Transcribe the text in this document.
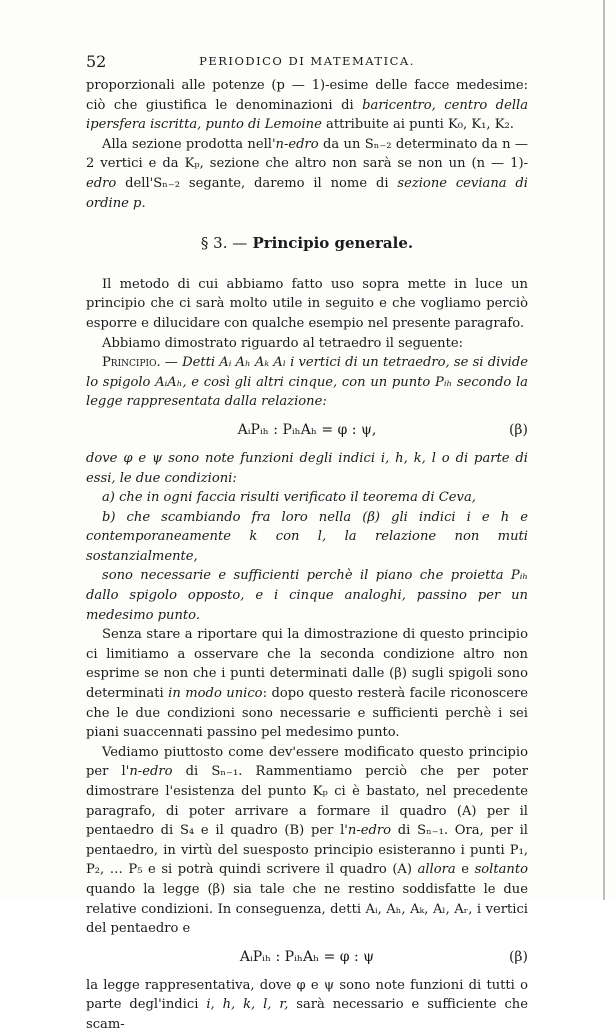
52	PERIODICO DI MATEMATICA.

proporzionali alle potenze (p — 1)-esime delle facce medesime: ciò che giustifica le denominazioni di baricentro, centro della ipersfera iscritta, punto di Lemoine attribuite ai punti K₀, K₁, K₂.

Alla sezione prodotta nell'n-edro da un Sₙ₋₂ determinato da n — 2 vertici e da Kₚ, sezione che altro non sarà se non un (n — 1)-edro dell'Sₙ₋₂ segante, daremo il nome di sezione ceviana di ordine p.

§ 3. — Principio generale.

Il metodo di cui abbiamo fatto uso sopra mette in luce un principio che ci sarà molto utile in seguito e che vogliamo perciò esporre e dilucidare con qualche esempio nel presente paragrafo.

Abbiamo dimostrato riguardo al tetraedro il seguente:

Principio. — Detti Aᵢ Aₕ Aₖ Aₗ i vertici di un tetraedro, se si divide lo spigolo AᵢAₕ, e così gli altri cinque, con un punto Pᵢₕ secondo la legge rappresentata dalla relazione:

AᵢPᵢₕ : PᵢₕAₕ = φ : ψ,	(β)

dove φ e ψ sono note funzioni degli indici i, h, k, l o di parte di essi, le due condizioni:

a) che in ogni faccia risulti verificato il teorema di Ceva,

b) che scambiando fra loro nella (β) gli indici i e h e contemporaneamente k con l, la relazione non muti sostanzialmente,

sono necessarie e sufficienti perchè il piano che proietta Pᵢₕ dallo spigolo opposto, e i cinque analoghi, passino per un medesimo punto.

Senza stare a riportare qui la dimostrazione di questo principio ci limitiamo a osservare che la seconda condizione altro non esprime se non che i punti determinati dalle (β) sugli spigoli sono determinati in modo unico: dopo questo resterà facile riconoscere che le due condizioni sono necessarie e sufficienti perchè i sei piani suaccennati passino pel medesimo punto.

Vediamo piuttosto come dev'essere modificato questo principio per l'n-edro di Sₙ₋₁. Rammentiamo perciò che per poter dimostrare l'esistenza del punto Kₚ ci è bastato, nel precedente paragrafo, di poter arrivare a formare il quadro (A) per il pentaedro di S₄ e il quadro (B) per l'n-edro di Sₙ₋₁. Ora, per il pentaedro, in virtù del suesposto principio esisteranno i punti P₁, P₂, … P₅ e si potrà quindi scrivere il quadro (A) allora e soltanto quando la legge (β) sia tale che ne restino soddisfatte le due relative condizioni. In conseguenza, detti Aᵢ, Aₕ, Aₖ, Aₗ, Aᵣ, i vertici del pentaedro e

AᵢPᵢₕ : PᵢₕAₕ = φ : ψ	(β)

la legge rappresentativa, dove φ e ψ sono note funzioni di tutti o parte degl'indici i, h, k, l, r, sarà necessario e sufficiente che scam-
